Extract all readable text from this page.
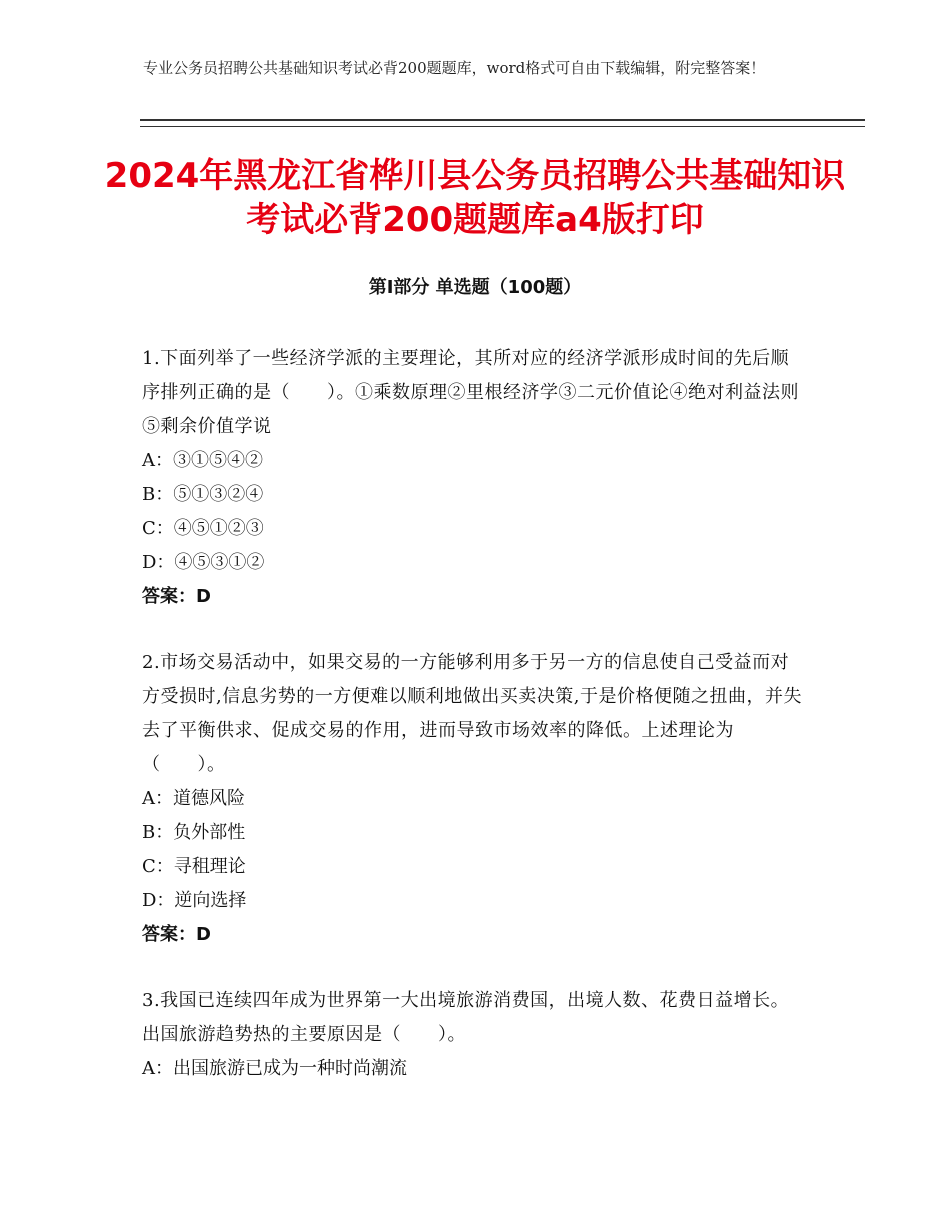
专业公务员招聘公共基础知识考试必背200题题库，word格式可自由下载编辑，附完整答案！
2024年黑龙江省桦川县公务员招聘公共基础知识考试必背200题题库a4版打印
第Ⅰ部分 单选题（100题）
1.下面列举了一些经济学派的主要理论，其所对应的经济学派形成时间的先后顺序排列正确的是（　　）。①乘数原理②里根经济学③二元价值论④绝对利益法则⑤剩余价值学说
A：③①⑤④②
B：⑤①③②④
C：④⑤①②③
D：④⑤③①②
答案：D
2.市场交易活动中，如果交易的一方能够利用多于另一方的信息使自己受益而对方受损时,信息劣势的一方便难以顺利地做出买卖决策,于是价格便随之扭曲，并失去了平衡供求、促成交易的作用，进而导致市场效率的降低。上述理论为（　　）。
A：道德风险
B：负外部性
C：寻租理论
D：逆向选择
答案：D
3.我国已连续四年成为世界第一大出境旅游消费国，出境人数、花费日益增长。出国旅游趋势热的主要原因是（　　）。
A：出国旅游已成为一种时尚潮流
